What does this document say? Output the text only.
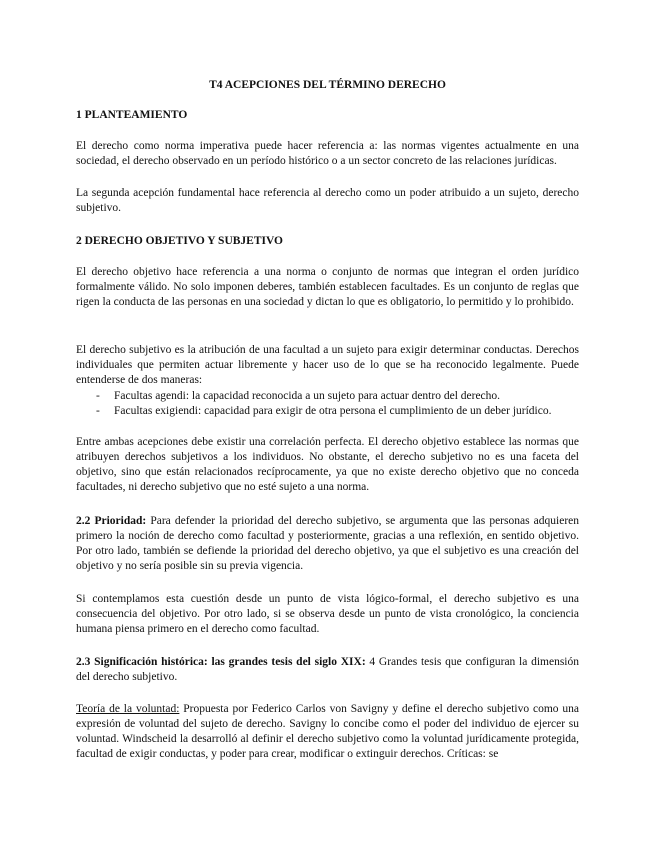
T4 ACEPCIONES DEL TÉRMINO DERECHO
1 PLANTEAMIENTO
El derecho como norma imperativa puede hacer referencia a: las normas vigentes actualmente en una sociedad, el derecho observado en un período histórico o a un sector concreto de las relaciones jurídicas.
La segunda acepción fundamental hace referencia al derecho como un poder atribuido a un sujeto, derecho subjetivo.
2 DERECHO OBJETIVO Y SUBJETIVO
El derecho objetivo hace referencia a una norma o conjunto de normas que integran el orden jurídico formalmente válido. No solo imponen deberes, también establecen facultades. Es un conjunto de reglas que rigen la conducta de las personas en una sociedad y dictan lo que es obligatorio, lo permitido y lo prohibido.
El derecho subjetivo es la atribución de una facultad a un sujeto para exigir determinar conductas. Derechos individuales que permiten actuar libremente y hacer uso de lo que se ha reconocido legalmente. Puede entenderse de dos maneras:
- Facultas agendi: la capacidad reconocida a un sujeto para actuar dentro del derecho.
- Facultas exigiendi: capacidad para exigir de otra persona el cumplimiento de un deber jurídico.
Entre ambas acepciones debe existir una correlación perfecta. El derecho objetivo establece las normas que atribuyen derechos subjetivos a los individuos. No obstante, el derecho subjetivo no es una faceta del objetivo, sino que están relacionados recíprocamente, ya que no existe derecho objetivo que no conceda facultades, ni derecho subjetivo que no esté sujeto a una norma.
2.2 Prioridad: Para defender la prioridad del derecho subjetivo, se argumenta que las personas adquieren primero la noción de derecho como facultad y posteriormente, gracias a una reflexión, en sentido objetivo. Por otro lado, también se defiende la prioridad del derecho objetivo, ya que el subjetivo es una creación del objetivo y no sería posible sin su previa vigencia.
Si contemplamos esta cuestión desde un punto de vista lógico-formal, el derecho subjetivo es una consecuencia del objetivo. Por otro lado, si se observa desde un punto de vista cronológico, la conciencia humana piensa primero en el derecho como facultad.
2.3 Significación histórica: las grandes tesis del siglo XIX: 4 Grandes tesis que configuran la dimensión del derecho subjetivo.
Teoría de la voluntad: Propuesta por Federico Carlos von Savigny y define el derecho subjetivo como una expresión de voluntad del sujeto de derecho. Savigny lo concibe como el poder del individuo de ejercer su voluntad. Windscheid la desarrolló al definir el derecho subjetivo como la voluntad jurídicamente protegida, facultad de exigir conductas, y poder para crear, modificar o extinguir derechos. Críticas: se
